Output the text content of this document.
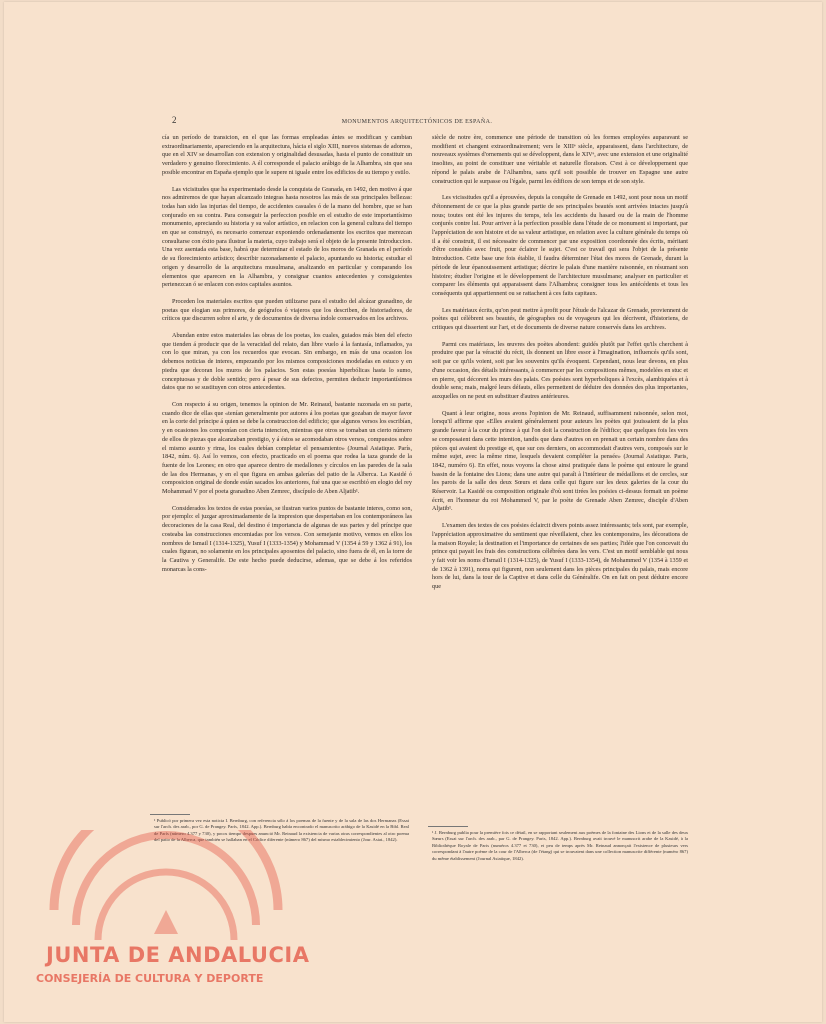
2	MONUMENTOS ARQUITECTÓNICOS DE ESPAÑA.

cía un período de transicion, en el que las formas empleadas ántes se modifican y cambian extraordinariamente, apareciendo en la arquitectura, hácia el siglo XIII, nuevos sistemas de adornos, que en el XIV se desarrollan con extension y originalidad desusadas, hasta el punto de constituir un verdadero y genuino florecimiento. A él corresponde el palacio arábigo de la Alhambra, sin que sea posible encontrar en España ejemplo que le supere ni iguale entre los edificios de su tiempo y estilo.

Las vicisitudes que ha experimentado desde la conquista de Granada, en 1492, den motivo á que nos admiremos de que hayan alcanzado integras hasta nosotros las más de sus principales bellezas: todas han sido las injurias del tiempo, de accidentes casuales ó de la mano del hombre, que se han conjurado en su contra. Para conseguir la perfeccion posible en el estudio de este importantísimo monumento, apreciando su historia y su valor artístico, en relacion con la general cultura del tiempo en que se construyó, es necesario comenzar exponiendo ordenadamente los escritos que merezcan consultarse con éxito para ilustrar la materia, cuyo trabajo será el objeto de la presente Introduccion. Una vez asentada esta base, habrá que determinar el estado de los moros de Granada en el período de su florecimiento artístico; describir razonadamente el palacio, apuntando su historia; estudiar el origen y desarrollo de la arquitectura musulmana, analizando en particular y comparando los elementos que aparecen en la Alhambra, y consignar cuantos antecedentes y consiguientes pertenezcan ó se enlacen con estos capitales asuntos.

Proceden los materiales escritos que pueden utilizarse para el estudio del alcázar granadino, de poetas que elogian sus primores, de geógrafos ó viajeros que los describen, de historiadores, de críticos que discurren sobre el arte, y de documentos de diversa índole conservados en los archivos.

Abundan entre estos materiales las obras de los poetas, los cuales, guiados más bien del efecto que tienden á producir que de la veracidad del relato, dan libre vuelo á la fantasía, inflamados, ya con lo que miran, ya con los recuerdos que evocan. Sin embargo, en más de una ocasion los debemos noticias de interes, empezando por los mismos composiciones modeladas en estuco y en piedra que decoran los muros de los palacios. Son estas poesías hiperbólicas hasta lo sumo, conceptuosas y de doble sentido; pero á pesar de sus defectos, permiten deducir importantísimos datos que no se sustituyen con otros antecedentes.

Con respecto á su origen, tenemos la opinion de Mr. Reinaud, bastante razonada en su parte, cuando dice de ellas que «tenían generalmente por autores á los poetas que gozaban de mayor favor en la corte del príncipe á quien se debe la construccion del edificio; que algunos versos los escribían, y en ocasiones los componían con cierta intencion, mientras que otros se tomaban un cierto número de ellos de piezas que alcanzaban prestigio, y á éstos se acomodaban otros versos, compuestos sobre el mismo asunto y rima, los cuales debían completar el pensamiento» (Journal Asiatique. París, 1842, núm. 6). Así lo vemos, con efecto, practicado en el poema que rodea la taza grande de la fuente de los Leones; en otro que aparece dentro de medallones y círculos en las paredes de la sala de las dos Hermanas, y en el que figura en ambas galerías del patio de la Alberca. La Kasidé ó composicion original de donde están sacados los anteriores, fué una que se escribió en elogio del rey Mohammad V por el poeta granadino Aben Zemrec, discípulo de Aben Aljatib¹.

Considerados los textos de estas poesías, se ilustran varios puntos de bastante interes, como son, por ejemplo: el juzgar aproximadamente de la impresion que despertaban en los contemporáneos las decoraciones de la casa Real, del destino é importancia de algunas de sus partes y del príncipe que costeaba las construcciones encomiadas por los versos. Con semejante motivo, vemos en ellos los nombres de Ismail I (1314-1325), Yusuf I (1333-1354) y Mohammad V (1354 á 59 y 1362 á 91), los cuales figuran, no solamente en los principales aposentos del palacio, sino fuera de él, en la torre de la Cautiva y Generalife. De este hecho puede deducirse, ademas, que se debe á los referidos monarcas la cons-

siècle de notre ère, commence une période de transition où les formes employées auparavant se modifient et changent extraordinairement; vers le XIIIᵉ siècle, apparaissent, dans l'architecture, de nouveaux systèmes d'ornements qui se développent, dans le XIVᵉ, avec une extension et une originalité insolites, au point de constituer une véritable et naturelle floraison. C'est à ce développement que répond le palais arabe de l'Alhambra, sans qu'il soit possible de trouver en Espagne une autre construction qui le surpasse ou l'égale, parmi les édifices de son temps et de son style.

Les vicissitudes qu'il a éprouvées, depuis la conquête de Grenade en 1492, sont pour nous un motif d'étonnement de ce que la plus grande partie de ses principales beautés sont arrivées intactes jusqu'à nous; toutes ont été les injures du temps, tels les accidents du hasard ou de la main de l'homme conjurés contre lui. Pour arriver à la perfection possible dans l'étude de ce monument si important, par l'appréciation de son histoire et de sa valeur artistique, en relation avec la culture générale du temps où il a été construit, il est nécessaire de commencer par une exposition coordonnée des écrits, méritant d'être consultés avec fruit, pour éclairer le sujet. C'est ce travail qui sera l'objet de la présente Introduction. Cette base une fois établie, il faudra déterminer l'état des mores de Grenade, durant la période de leur épanouissement artistique; décrire le palais d'une manière raisonnée, en résumant son histoire; étudier l'origine et le développement de l'architecture musulmane; analyser en particulier et comparer les éléments qui apparaissent dans l'Alhambra; consigner tous les antécédents et tous les conséquents qui appartiennent ou se rattachent à ces faits capitaux.

Les matériaux écrits, qu'on peut mettre à profit pour l'étude de l'alcazar de Grenade, proviennent de poètes qui célèbrent ses beautés, de géographes ou de voyageurs qui les décrivent, d'historiens, de critiques qui dissertent sur l'art, et de documents de diverse nature conservés dans les archives.

Parmi ces matériaux, les œuvres des poètes abondent: guidés plutôt par l'effet qu'ils cherchent à produire que par la véracité du récit, ils donnent un libre essor à l'imagination, influencés qu'ils sont, soit par ce qu'ils voient, soit par les souvenirs qu'ils évoquent. Cependant, nous leur devons, en plus d'une occasion, des détails intéressants, à commencer par les compositions mêmes, modelées en stuc et en pierre, qui décorent les murs des palais. Ces poésies sont hyperboliques à l'excès, alambiquées et à double sens; mais, malgré leurs défauts, elles permettent de déduire des données des plus importantes, auxquelles on ne peut en substituer d'autres antérieures.

Quant à leur origine, nous avons l'opinion de Mr. Reinaud, suffisamment raisonnée, selon moi, lorsqu'il affirme que «Elles avaient généralement pour auteurs les poètes qui jouissaient de la plus grande faveur à la cour du prince à qui l'on doit la construction de l'édifice; que quelques fois les vers se composaient dans cette intention, tandis que dans d'autres on en prenait un certain nombre dans des pièces qui avaient du prestige et, que sur ces derniers, on accommodait d'autres vers, composés sur le même sujet, avec la même rime, lesquels devaient compléter la pensée» (Journal Asiatique. Paris, 1842, numéro 6). En effet, nous voyons la chose ainsi pratiquée dans le poème qui entoure le grand bassin de la fontaine des Lions; dans une autre qui paraît à l'intérieur de médaillons et de cercles, sur les parois de la salle des deux Sœurs et dans celle qui figure sur les deux galeries de la cour du Réservoir. La Kasidé ou composition originale d'où sont tirées les poésies ci-dessus formait un poème écrit, en l'honneur du roi Mohammed V, par le poète de Grenade Aben Zemrec, disciple d'Aben Aljatib¹.

L'examen des textes de ces poésies éclaircit divers points assez intéressants; tels sont, par exemple, l'appréciation approximative du sentiment que réveillaient, chez les contemporains, les décorations de la maison Royale; la destination et l'importance de certaines de ses parties; l'idée que l'on concevait du prince qui payait les frais des constructions célébrées dans les vers. C'est un motif semblable qui nous y fait voir les noms d'Ismaïl I (1314-1325), de Yusuf I (1333-1354), de Mohammed V (1354 à 1359 et de 1362 à 1391), noms qui figurent, non seulement dans les pièces principales du palais, mais encore hors de lui, dans la tour de la Captive et dans celle du Généralife. On en fait on peut déduire encore que

¹ Publicó por primera vez esta noticia I. Bernburg, con referencia sólo á los poemas de la fuente y de la sala de las dos Hermanas (Essai sur l'arch. des arab., por G. de Prangey. París, 1842. App.). Bernburg había encontrado el manuscrito arábigo de la Kasidé en la Bibl. Real de París (número 4.377 y 730), y pocos tiempo despues anunció Mr. Reinaud la existencia de varias otras correspondientes al otro poema del patio de la Alberca, que también se hallaban en el Códice diferente (número 867) del mismo establecimiento (Jour. Asiat., 1842).
¹ J. Bernburg publia pour la première fois ce détail, en se rapportant seulement aux poèmes de la fontaine des Lions et de la salle des deux Sœurs (Essai sur l'arch. des arab., par G. de Prangey. Paris, 1842. App.). Bernburg avait trouvé le manuscrit arabe de la Kasidé, à la Bibliothèque Royale de Paris (numéros 4.377 et 730), et peu de temps après Mr. Reinaud annonçait l'existence de plusieurs vers correspondant à l'autre poème de la cour de l'Alberca (de l'étang) qui se trouvaient dans une collection manuscrite différente (numéro 867) du même établissement (Journal Asiatique, 1842).
JUNTA DE ANDALUCIA
CONSEJERÍA DE CULTURA Y DEPORTE
